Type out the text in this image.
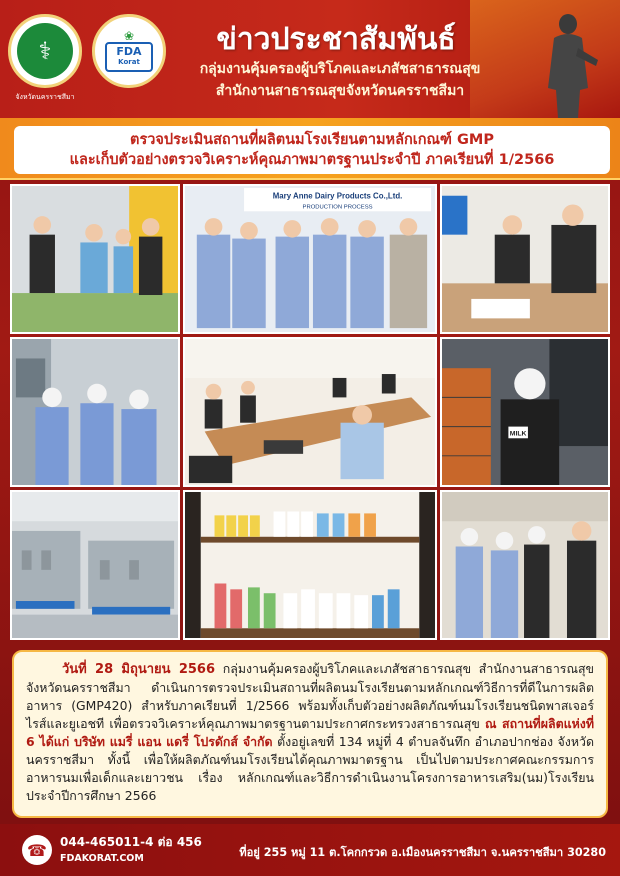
⚕
จังหวัดนครราชสีมา
❀
FDA
Korat
ข่าวประชาสัมพันธ์
กลุ่มงานคุ้มครองผู้บริโภคและเภสัชสาธารณสุข
สำนักงานสาธารณสุขจังหวัดนครราชสีมา
ตรวจประเมินสถานที่ผลิตนมโรงเรียนตามหลักเกณฑ์ GMP
และเก็บตัวอย่างตรวจวิเคราะห์คุณภาพมาตรฐานประจำปี ภาคเรียนที่ 1/2566
Mary Anne Dairy Products Co.,Ltd.
PRODUCTION PROCESS
MILK

วันที่ 28 มิถุนายน 2566 กลุ่มงานคุ้มครองผู้บริโภคและเภสัชสาธารณสุข สำนักงานสาธารณสุขจังหวัดนครราชสีมา ดำเนินการตรวจประเมินสถานที่ผลิตนมโรงเรียนตามหลักเกณฑ์วิธีการที่ดีในการผลิตอาหาร (GMP420) สำหรับภาคเรียนที่ 1/2566 พร้อมทั้งเก็บตัวอย่างผลิตภัณฑ์นมโรงเรียนชนิดพาสเจอร์ไรส์และยูเอชที เพื่อตรวจวิเคราะห์คุณภาพมาตรฐานตามประกาศกระทรวงสาธารณสุข ณ สถานที่ผลิตแห่งที่ 6 ได้แก่ บริษัท แมรี่ แอน แดรี่ โปรดักส์ จำกัด ตั้งอยู่เลขที่ 134 หมู่ที่ 4 ตำบลจันทึก อำเภอปากช่อง จังหวัดนครราชสีมา ทั้งนี้ เพื่อให้ผลิตภัณฑ์นมโรงเรียนได้คุณภาพมาตรฐาน เป็นไปตามประกาศคณะกรรมการอาหารนมเพื่อเด็กและเยาวชน เรื่อง หลักเกณฑ์และวิธีการดำเนินงานโครงการอาหารเสริม(นม)โรงเรียน ประจำปีการศึกษา 2566

☎	044-465011-4 ต่อ 456
FDAKORAT.COM	ที่อยู่ 255 หมู่ 11 ต.โคกกรวด อ.เมืองนครราชสีมา จ.นครราชสีมา 30280
